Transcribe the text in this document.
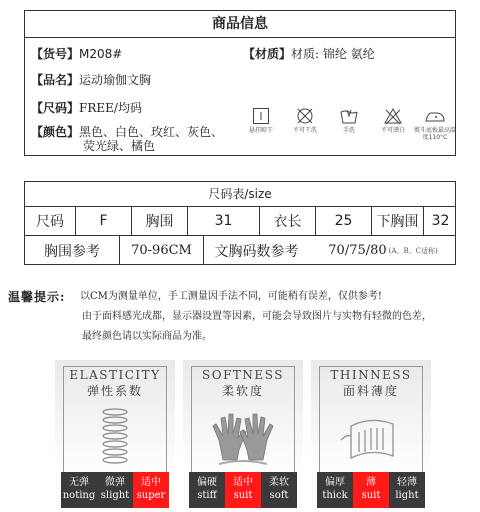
商品信息
【货号】M208#	【材质】材质: 锦纶 氨纶
【品名】运动瑜伽文胸
【尺码】FREE/均码
【颜色】黑色、白色、玫红、灰色、
荧光绿、橘色
悬挂晾干	不可干洗	手洗	不可漂白	熨斗底板最高温度110°C
尺码表/size
尺码	F	胸围	31	衣长	25	下胸围 32
胸围参考	70-96CM	文胸码数参考	70/75/80 (A、B、C适称)
温馨提示: 以CM为测量单位，手工测量因手法不同，可能稍有误差，仅供参考!
由于面料感光成都，显示器设置等因素，可能会导致图片与实物有轻微的色差，
最终颜色请以实际商品为准。
ELASTICITY
弹性系数
无弹
noting
微弹
slight
适中
super
SOFTNESS
柔软度
偏硬
stiff
适中
suit
柔软
soft
THINNESS
面料薄度
偏厚
thick
薄
suit
轻薄
light
